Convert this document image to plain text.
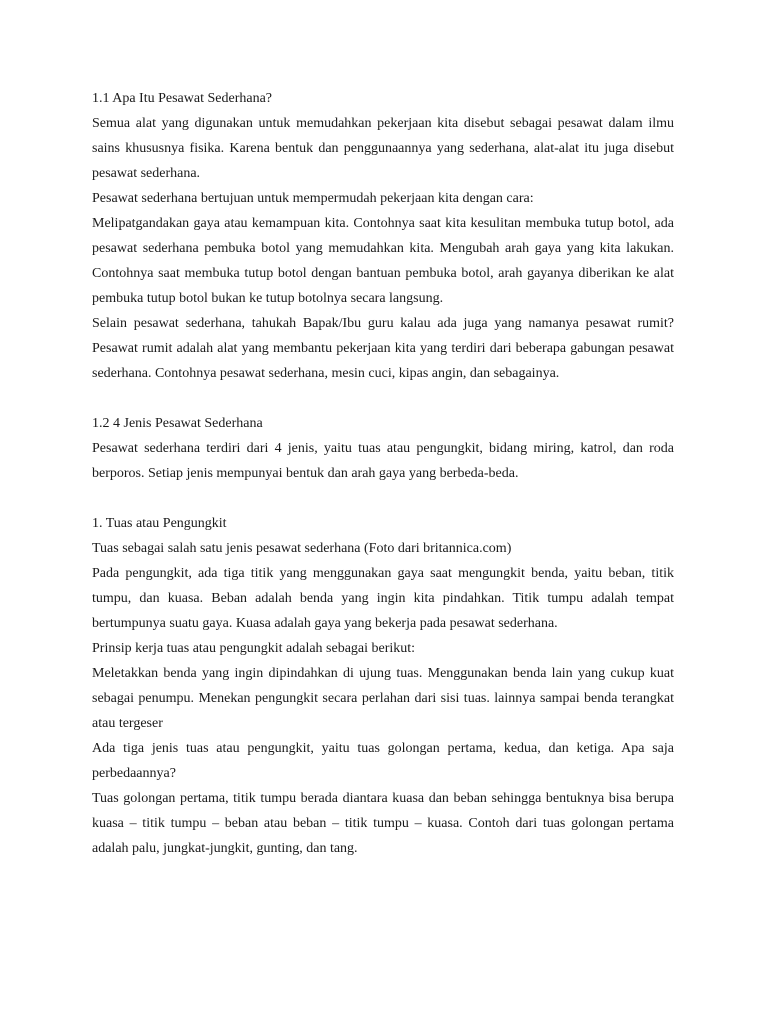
1.1 Apa Itu Pesawat Sederhana?

Semua alat yang digunakan untuk memudahkan pekerjaan kita disebut sebagai pesawat dalam ilmu sains khususnya fisika. Karena bentuk dan penggunaannya yang sederhana, alat-alat itu juga disebut pesawat sederhana.

Pesawat sederhana bertujuan untuk mempermudah pekerjaan kita dengan cara:

Melipatgandakan gaya atau kemampuan kita. Contohnya saat kita kesulitan membuka tutup botol, ada pesawat sederhana pembuka botol yang memudahkan kita. Mengubah arah gaya yang kita lakukan. Contohnya saat membuka tutup botol dengan bantuan pembuka botol, arah gayanya diberikan ke alat pembuka tutup botol bukan ke tutup botolnya secara langsung.

Selain pesawat sederhana, tahukah Bapak/Ibu guru kalau ada juga yang namanya pesawat rumit? Pesawat rumit adalah alat yang membantu pekerjaan kita yang terdiri dari beberapa gabungan pesawat sederhana. Contohnya pesawat sederhana, mesin cuci, kipas angin, dan sebagainya.

1.2 4 Jenis Pesawat Sederhana

Pesawat sederhana terdiri dari 4 jenis, yaitu tuas atau pengungkit, bidang miring, katrol, dan roda berporos. Setiap jenis mempunyai bentuk dan arah gaya yang berbeda-beda.

1. Tuas atau Pengungkit

Tuas sebagai salah satu jenis pesawat sederhana (Foto dari britannica.com)

Pada pengungkit, ada tiga titik yang menggunakan gaya saat mengungkit benda, yaitu beban, titik tumpu, dan kuasa. Beban adalah benda yang ingin kita pindahkan. Titik tumpu adalah tempat bertumpunya suatu gaya. Kuasa adalah gaya yang bekerja pada pesawat sederhana.

Prinsip kerja tuas atau pengungkit adalah sebagai berikut:

Meletakkan benda yang ingin dipindahkan di ujung tuas. Menggunakan benda lain yang cukup kuat sebagai penumpu. Menekan pengungkit secara perlahan dari sisi tuas. lainnya sampai benda terangkat atau tergeser

Ada tiga jenis tuas atau pengungkit, yaitu tuas golongan pertama, kedua, dan ketiga. Apa saja perbedaannya?

Tuas golongan pertama, titik tumpu berada diantara kuasa dan beban sehingga bentuknya bisa berupa kuasa – titik tumpu – beban atau beban – titik tumpu – kuasa. Contoh dari tuas golongan pertama adalah palu, jungkat-jungkit, gunting, dan tang.
